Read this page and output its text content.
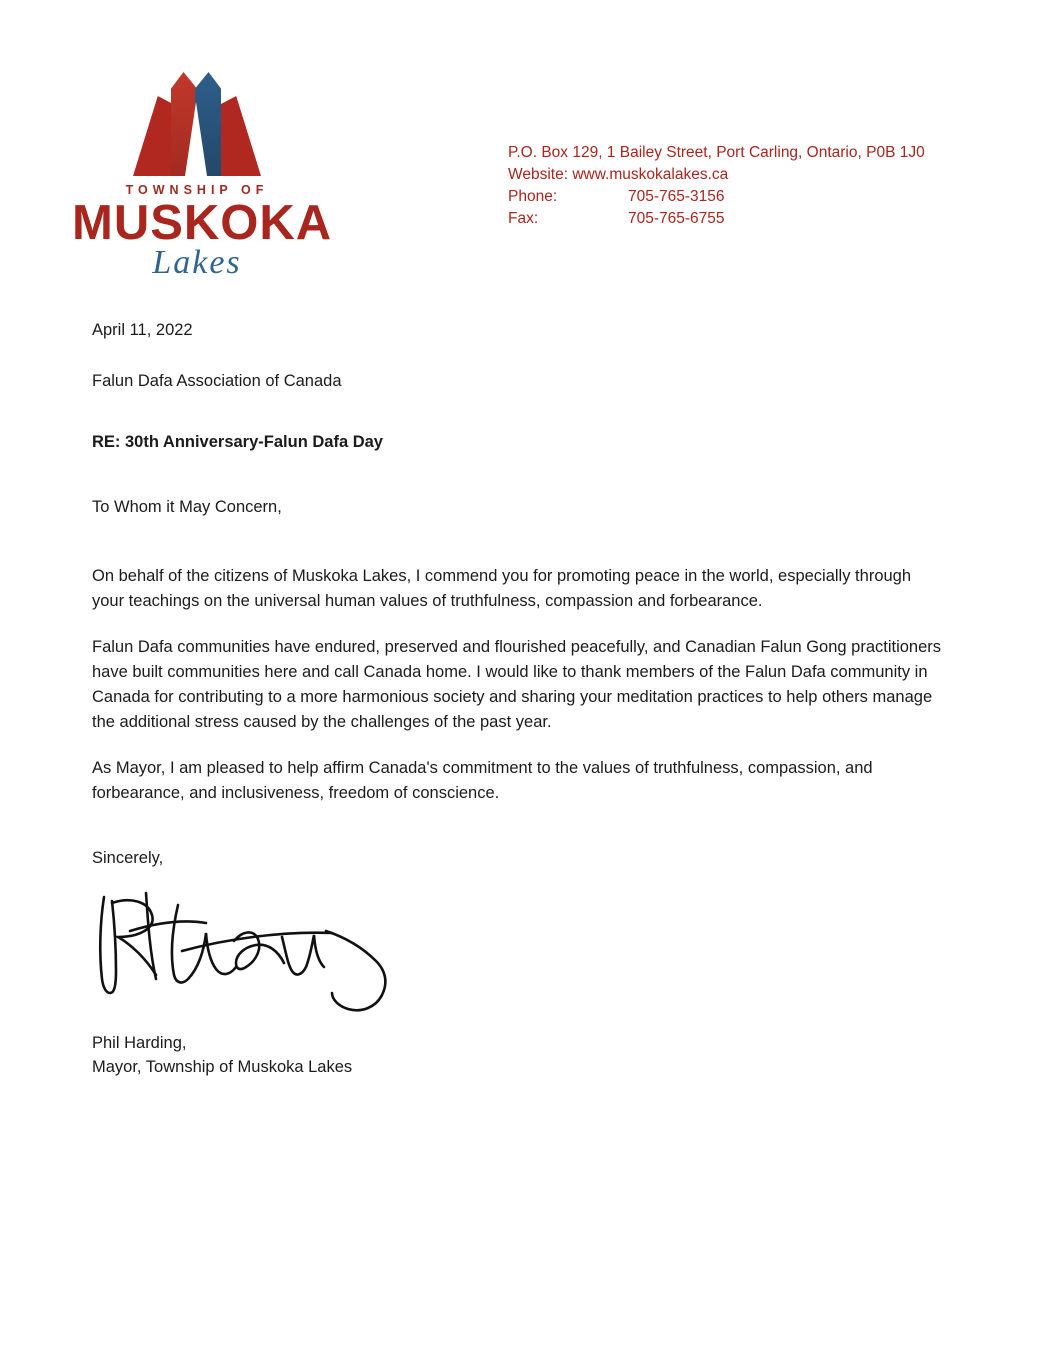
TOWNSHIP OF
MUSKOKA
Lakes
P.O. Box 129, 1 Bailey Street, Port Carling, Ontario, P0B 1J0
Website: www.muskokalakes.ca
Phone:	705-765-3156
Fax:	705-765-6755
April 11, 2022
Falun Dafa Association of Canada
RE: 30th Anniversary-Falun Dafa Day
To Whom it May Concern,
On behalf of the citizens of Muskoka Lakes, I commend you for promoting peace in the world, especially through your teachings on the universal human values of truthfulness, compassion and forbearance.
Falun Dafa communities have endured, preserved and flourished peacefully, and Canadian Falun Gong practitioners have built communities here and call Canada home. I would like to thank members of the Falun Dafa community in Canada for contributing to a more harmonious society and sharing your meditation practices to help others manage the additional stress caused by the challenges of the past year.
As Mayor, I am pleased to help affirm Canada's commitment to the values of truthfulness, compassion, and forbearance, and inclusiveness, freedom of conscience.
Sincerely,
Phil Harding,
Mayor, Township of Muskoka Lakes
